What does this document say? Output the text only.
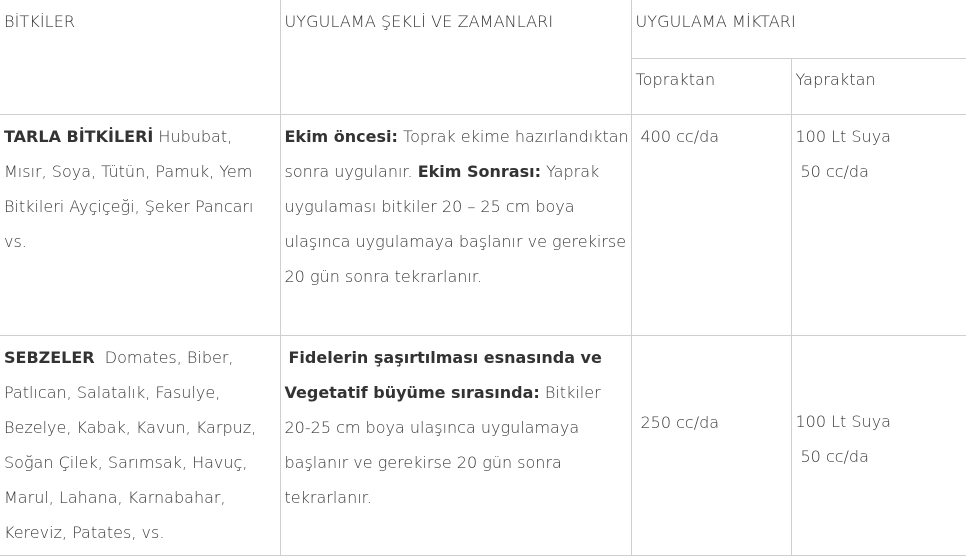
BİTKİLER	UYGULAMA ŞEKLİ VE ZAMANLARI	UYGULAMA MİKTARI	
		Topraktan	Yapraktan
TARLA BİTKİLERİ Hububat, Mısır, Soya, Tütün, Pamuk, Yem Bitkileri Ayçiçeği, Şeker Pancarı vs.	Ekim öncesi: Toprak ekime hazırlandıktan sonra uygulanır. Ekim Sonrası: Yaprak uygulaması bitkiler 20 – 25 cm boya ulaşınca uygulamaya başlanır ve gerekirse 20 gün sonra tekrarlanır.	400 cc/da	100 Lt Suya
50 cc/da

SEBZELER  Domates, Biber, Patlıcan, Salatalık, Fasulye, Bezelye, Kabak, Kavun, Karpuz, Soğan Çilek, Sarımsak, Havuç, Marul, Lahana, Karnabahar, Kereviz, Patates, vs.	Fidelerin şaşırtılması esnasında ve Vegetatif büyüme sırasında: Bitkiler 20-25 cm boya ulaşınca uygulamaya başlanır ve gerekirse 20 gün sonra tekrarlanır.	250 cc/da	100 Lt Suya
50 cc/da
